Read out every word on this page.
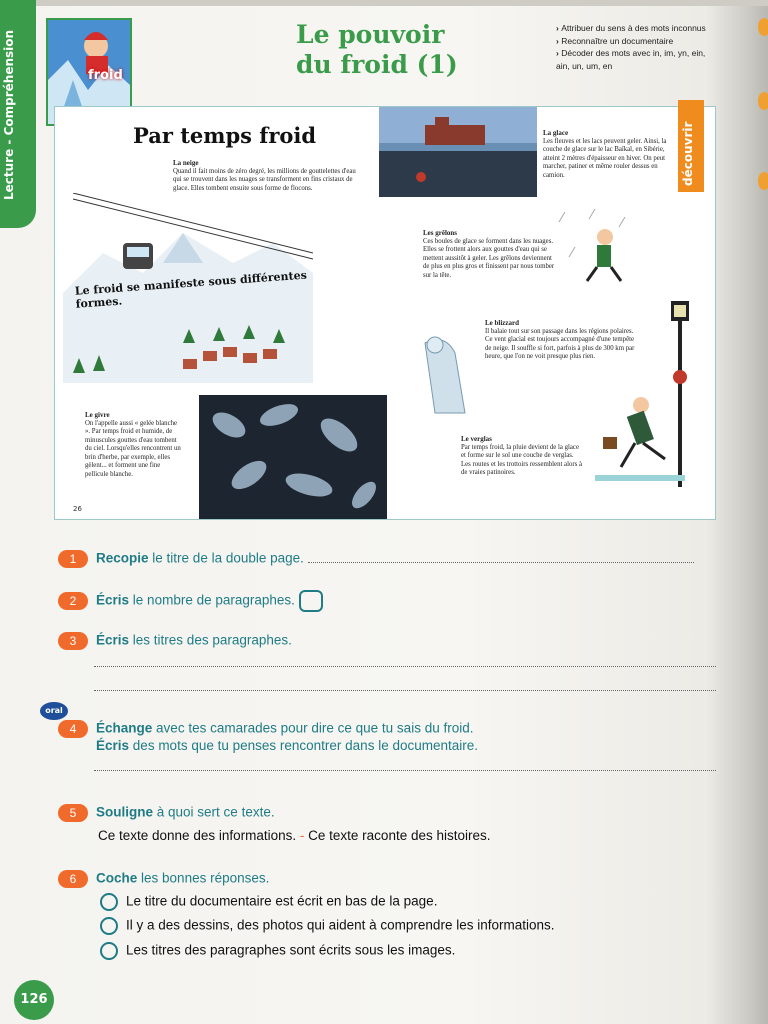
Lecture - Compréhension	froid
Le pouvoir
du froid (1)
› Attribuer du sens à des mots inconnus
› Reconnaître un documentaire
› Décoder des mots avec in, im, yn, ein,
ain, un, um, en
Par temps froid
La neige
Quand il fait moins de zéro degré, les millions de gouttelettes d'eau qui se trouvent dans les nuages se transforment en fins cristaux de glace. Elles tombent ensuite sous forme de flocons.
Le froid se manifeste sous différentes formes.
La glace
Les fleuves et les lacs peuvent geler. Ainsi, la couche de glace sur le lac Baïkal, en Sibérie, atteint 2 mètres d'épaisseur en hiver. On peut marcher, patiner et même rouler dessus en camion.
Les grêlons
Ces boules de glace se forment dans les nuages. Elles se frottent alors aux gouttes d'eau qui se mettent aussitôt à geler. Les grêlons deviennent de plus en plus gros et finissent par nous tomber sur la tête.
Le blizzard
Il balaie tout sur son passage dans les régions polaires. Ce vent glacial est toujours accompagné d'une tempête de neige. Il souffle si fort, parfois à plus de 300 km par heure, que l'on ne voit presque plus rien.
Le givre
On l'appelle aussi « gelée blanche ». Par temps froid et humide, de minuscules gouttes d'eau tombent du ciel. Lorsqu'elles rencontrent un brin d'herbe, par exemple, elles gèlent... et forment une fine pellicule blanche.
Le verglas
Par temps froid, la pluie devient de la glace et forme sur le sol une couche de verglas. Les routes et les trottoirs ressemblent alors à de vraies patinoires.
26
découvrir
1 Recopie le titre de la double page.
2 Écris le nombre de paragraphes.
3 Écris les titres des paragraphes.
oral
4 Échange avec tes camarades pour dire ce que tu sais du froid.
Écris des mots que tu penses rencontrer dans le documentaire.
5 Souligne à quoi sert ce texte.
Ce texte donne des informations. - Ce texte raconte des histoires.
6 Coche les bonnes réponses.
Le titre du documentaire est écrit en bas de la page.
Il y a des dessins, des photos qui aident à comprendre les informations.
Les titres des paragraphes sont écrits sous les images.
126
